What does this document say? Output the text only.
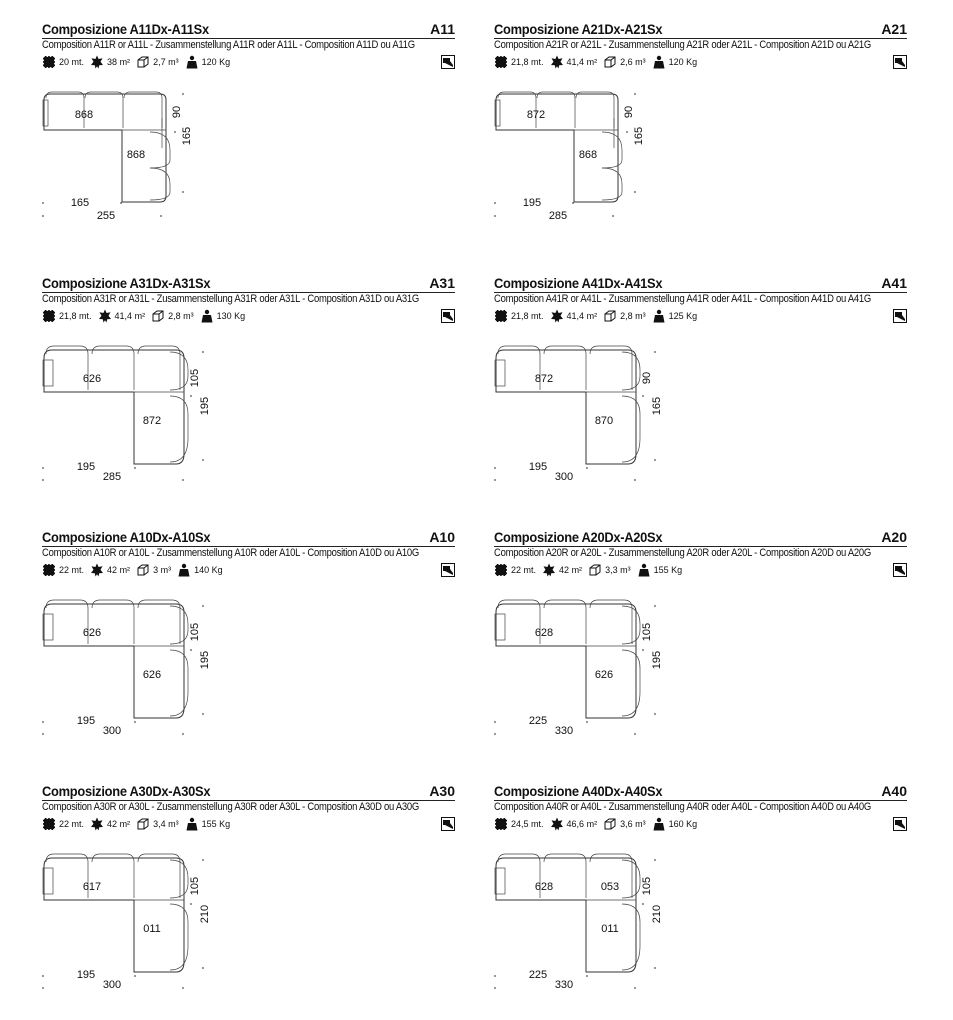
Composizione A11Dx-A11Sx	A11
Composition A11R or A11L - Zusammenstellung A11R oder A11L - Composition A11D ou A11G
20 mt.	38 m²	2,7 m³	120 Kg
868
868
90
165
165
255
Composizione A21Dx-A21Sx	A21
Composition A21R or A21L - Zusammenstellung A21R oder A21L - Composition A21D ou A21G
21,8 mt.	41,4 m²	2,6 m³	120 Kg
872
868
90
165
195
285
Composizione A31Dx-A31Sx	A31
Composition A31R or A31L - Zusammenstellung A31R oder A31L - Composition A31D ou A31G
21,8 mt.	41,4 m²	2,8 m³	130 Kg
626
872
105
195
195
285
Composizione A41Dx-A41Sx	A41
Composition A41R or A41L - Zusammenstellung A41R oder A41L - Composition A41D ou A41G
21,8 mt.	41,4 m²	2,8 m³	125 Kg
872
870
90
165
195
300
Composizione A10Dx-A10Sx	A10
Composition A10R or A10L - Zusammenstellung A10R oder A10L - Composition A10D ou A10G
22 mt.	42 m²	3 m³	140 Kg
626
626
105
195
195
300
Composizione A20Dx-A20Sx	A20
Composition A20R or A20L - Zusammenstellung A20R oder A20L - Composition A20D ou A20G
22 mt.	42 m²	3,3 m³	155 Kg
628
626
105
195
225
330
Composizione A30Dx-A30Sx	A30
Composition A30R or A30L - Zusammenstellung A30R oder A30L - Composition A30D ou A30G
22 mt.	42 m²	3,4 m³	155 Kg
617
011
105
210
195
300
Composizione A40Dx-A40Sx	A40
Composition A40R or A40L - Zusammenstellung A40R oder A40L - Composition A40D ou A40G
24,5 mt.	46,6 m²	3,6 m³	160 Kg
628	053
011
105
210
225
330
